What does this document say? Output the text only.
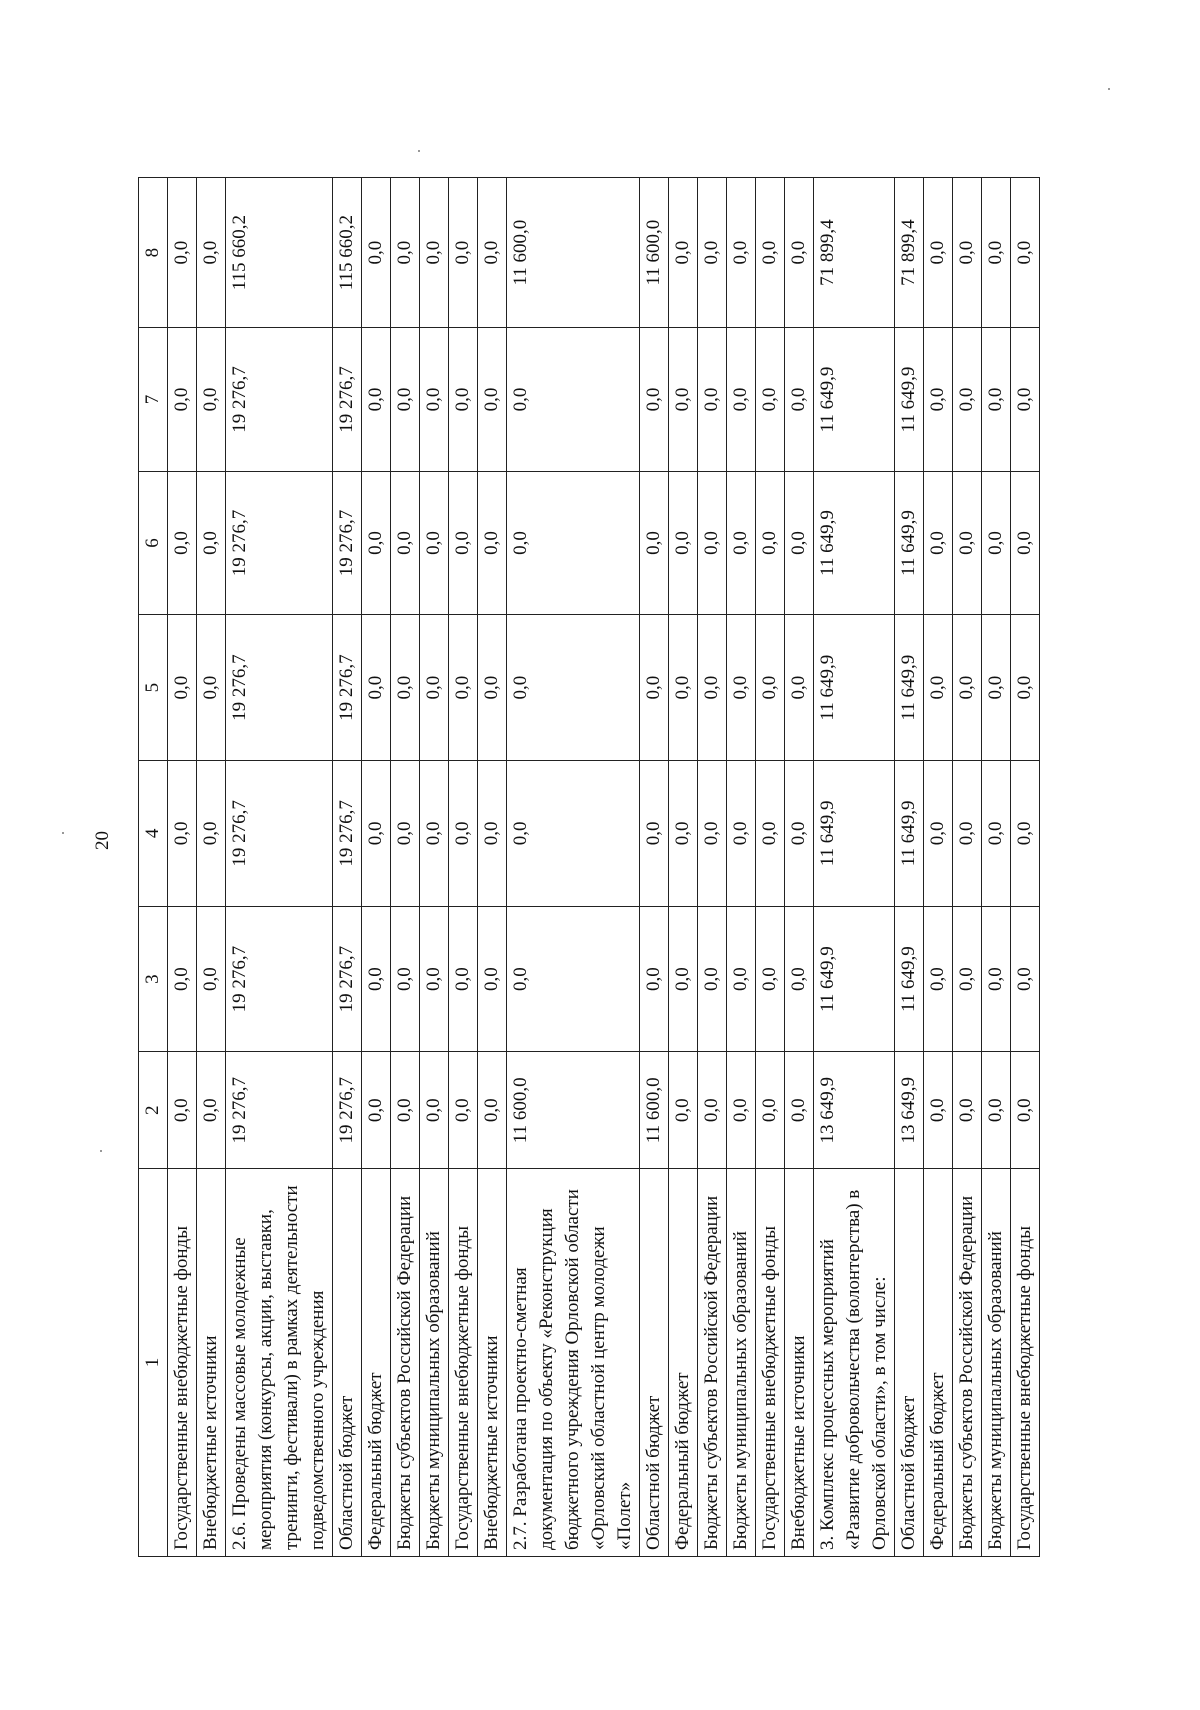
20
1	2	3	4	5	6	7	8
Государственные внебюджетные фонды	0,0	0,0	0,0	0,0	0,0	0,0	0,0
Внебюджетные источники	0,0	0,0	0,0	0,0	0,0	0,0	0,0
2.6. Проведены массовые молодежные мероприятия (конкурсы, акции, выставки, тренинги, фестивали) в рамках деятельности подведомственного учреждения	19 276,7	19 276,7	19 276,7	19 276,7	19 276,7	19 276,7	115 660,2
Областной бюджет	19 276,7	19 276,7	19 276,7	19 276,7	19 276,7	19 276,7	115 660,2
Федеральный бюджет	0,0	0,0	0,0	0,0	0,0	0,0	0,0
Бюджеты субъектов Российской Федерации	0,0	0,0	0,0	0,0	0,0	0,0	0,0
Бюджеты муниципальных образований	0,0	0,0	0,0	0,0	0,0	0,0	0,0
Государственные внебюджетные фонды	0,0	0,0	0,0	0,0	0,0	0,0	0,0
Внебюджетные источники	0,0	0,0	0,0	0,0	0,0	0,0	0,0
2.7. Разработана проектно-сметная документация по объекту «Реконструкция бюджетного учреждения Орловской области «Орловский областной центр молодежи «Полет»	11 600,0	0,0	0,0	0,0	0,0	0,0	11 600,0
Областной бюджет	11 600,0	0,0	0,0	0,0	0,0	0,0	11 600,0
Федеральный бюджет	0,0	0,0	0,0	0,0	0,0	0,0	0,0
Бюджеты субъектов Российской Федерации	0,0	0,0	0,0	0,0	0,0	0,0	0,0
Бюджеты муниципальных образований	0,0	0,0	0,0	0,0	0,0	0,0	0,0
Государственные внебюджетные фонды	0,0	0,0	0,0	0,0	0,0	0,0	0,0
Внебюджетные источники	0,0	0,0	0,0	0,0	0,0	0,0	0,0
3. Комплекс процессных мероприятий «Развитие добровольчества (волонтерства) в Орловской области», в том числе:	13 649,9	11 649,9	11 649,9	11 649,9	11 649,9	11 649,9	71 899,4
Областной бюджет	13 649,9	11 649,9	11 649,9	11 649,9	11 649,9	11 649,9	71 899,4
Федеральный бюджет	0,0	0,0	0,0	0,0	0,0	0,0	0,0
Бюджеты субъектов Российской Федерации	0,0	0,0	0,0	0,0	0,0	0,0	0,0
Бюджеты муниципальных образований	0,0	0,0	0,0	0,0	0,0	0,0	0,0
Государственные внебюджетные фонды	0,0	0,0	0,0	0,0	0,0	0,0	0,0
